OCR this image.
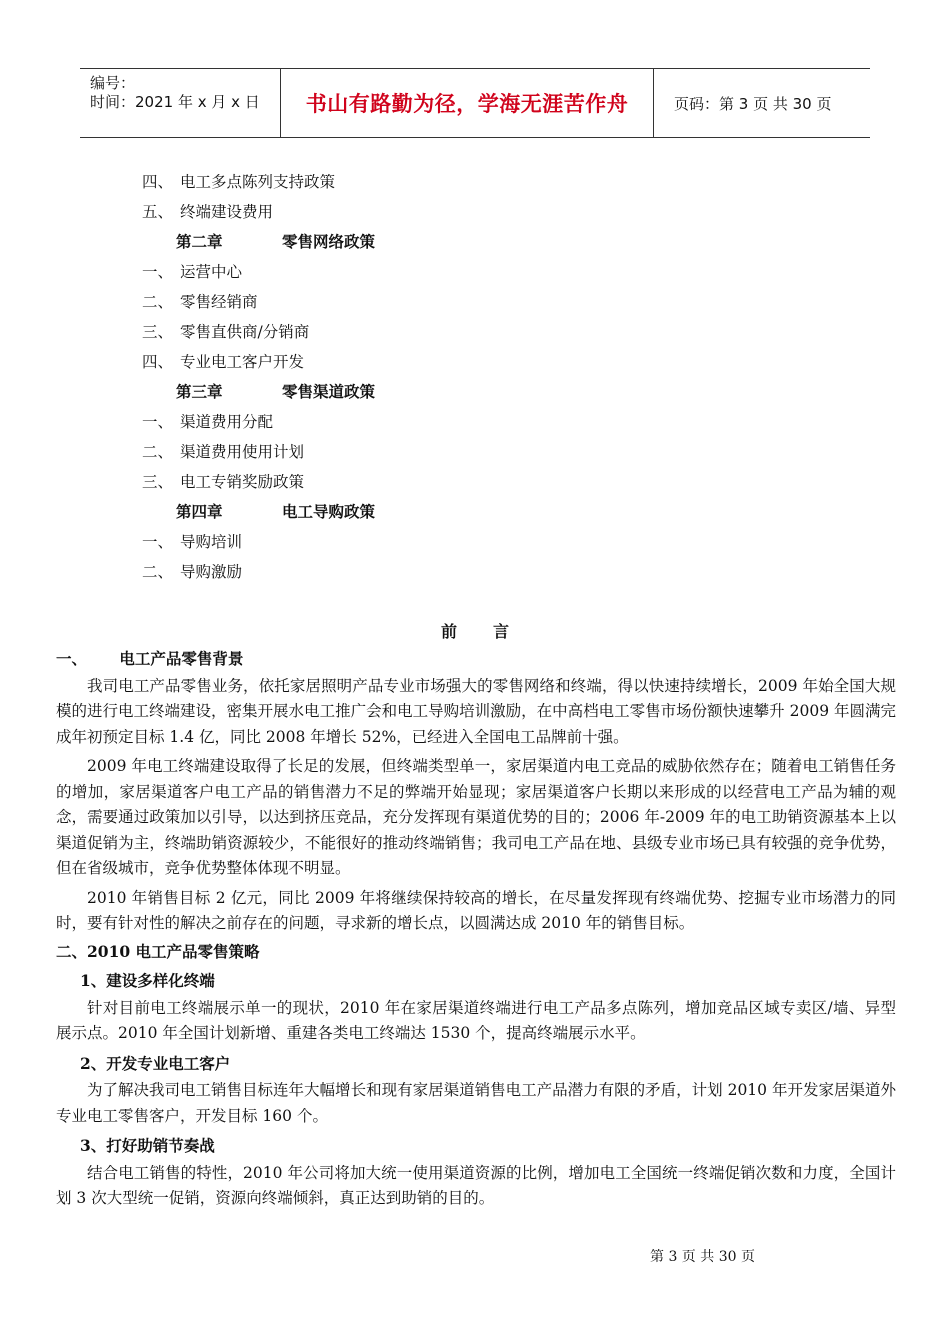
编号：
时间：2021 年 x 月 x 日	书山有路勤为径，学海无涯苦作舟	页码：第 3 页 共 30 页
四、 电工多点陈列支持政策
五、 终端建设费用
第二章	零售网络政策
一、 运营中心
二、 零售经销商
三、 零售直供商/分销商
四、 专业电工客户开发
第三章	零售渠道政策
一、 渠道费用分配
二、 渠道费用使用计划
三、 电工专销奖励政策
第四章	电工导购政策
一、 导购培训
二、 导购激励
前言
一、      电工产品零售背景
我司电工产品零售业务，依托家居照明产品专业市场强大的零售网络和终端，得以快速持续增长，2009 年始全国大规模的进行电工终端建设，密集开展水电工推广会和电工导购培训激励，在中高档电工零售市场份额快速攀升 2009 年圆满完成年初预定目标 1.4 亿，同比 2008 年增长 52%，已经进入全国电工品牌前十强。
2009 年电工终端建设取得了长足的发展，但终端类型单一，家居渠道内电工竞品的威胁依然存在；随着电工销售任务的增加，家居渠道客户电工产品的销售潜力不足的弊端开始显现；家居渠道客户长期以来形成的以经营电工产品为辅的观念，需要通过政策加以引导，以达到挤压竞品，充分发挥现有渠道优势的目的；2006 年-2009 年的电工助销资源基本上以渠道促销为主，终端助销资源较少，不能很好的推动终端销售；我司电工产品在地、县级专业市场已具有较强的竞争优势，但在省级城市，竞争优势整体体现不明显。
2010 年销售目标 2 亿元，同比 2009 年将继续保持较高的增长，在尽量发挥现有终端优势、挖掘专业市场潜力的同时，要有针对性的解决之前存在的问题，寻求新的增长点，以圆满达成 2010 年的销售目标。
二、2010 电工产品零售策略
1、建设多样化终端
针对目前电工终端展示单一的现状，2010 年在家居渠道终端进行电工产品多点陈列，增加竞品区域专卖区/墙、异型展示点。2010 年全国计划新增、重建各类电工终端达 1530 个，提高终端展示水平。
2、开发专业电工客户
为了解决我司电工销售目标连年大幅增长和现有家居渠道销售电工产品潜力有限的矛盾，计划 2010 年开发家居渠道外专业电工零售客户，开发目标 160 个。
3、打好助销节奏战
结合电工销售的特性，2010 年公司将加大统一使用渠道资源的比例，增加电工全国统一终端促销次数和力度，全国计划 3 次大型统一促销，资源向终端倾斜，真正达到助销的目的。
第 3 页 共 30 页
